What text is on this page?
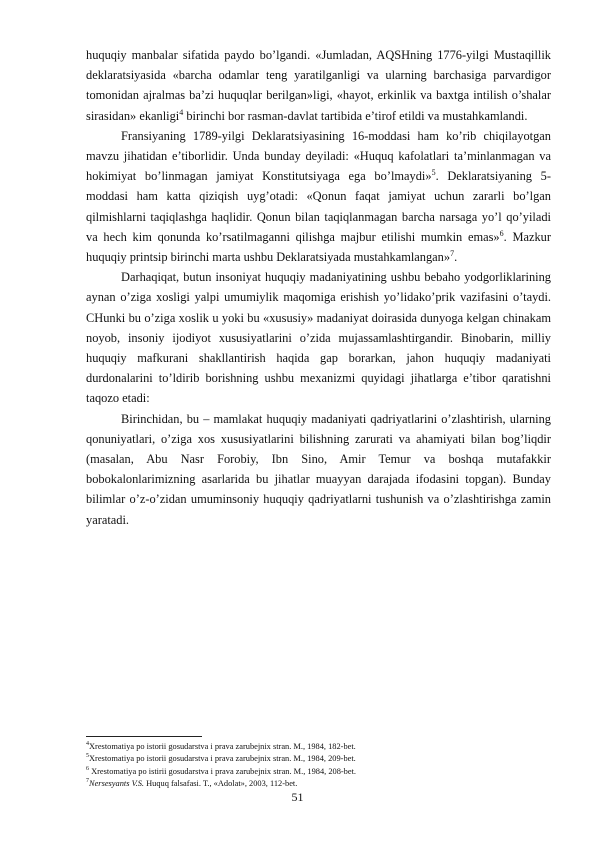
huquqiy manbalar sifatida paydo bo’lgandi. «Jumladan, AQSHning 1776-yilgi Mustaqillik deklaratsiyasida «barcha odamlar teng yaratilganligi va ularning barchasiga parvardigor tomonidan ajralmas ba’zi huquqlar berilgan»ligi, «hayot, erkinlik va baxtga intilish o’shalar sirasidan» ekanligi$^4$ birinchi bor rasman-davlat tartibida e’tirof etildi va mustahkamlandi.

Fransiyaning 1789-yilgi Deklaratsiyasining 16-moddasi ham ko’rib chiqilayotgan mavzu jihatidan e’tiborlidir. Unda bunday deyiladi: «Huquq kafolatlari ta’minlanmagan va hokimiyat bo’linmagan jamiyat Konstitutsiyaga ega bo’lmaydi»$^5$. Deklaratsiyaning 5-moddasi ham katta qiziqish uyg’otadi: «Qonun faqat jamiyat uchun zararli bo’lgan qilmishlarni taqiqlashga haqlidir. Qonun bilan taqiqlanmagan barcha narsaga yo’l qo’yiladi va hech kim qonunda ko’rsatilmaganni qilishga majbur etilishi mumkin emas»$^6$. Mazkur huquqiy printsip birinchi marta ushbu Deklaratsiyada mustahkamlangan»$^7$.

Darhaqiqat, butun insoniyat huquqiy madaniyatining ushbu bebaho yodgorliklarining aynan o’ziga xosligi yalpi umumiylik maqomiga erishish yo’lidako’prik vazifasini o’taydi. CHunki bu o’ziga xoslik u yoki bu «xususiy» madaniyat doirasida dunyoga kelgan chinakam noyob, insoniy ijodiyot xususiyatlarini o’zida mujassamlashtirgandir. Binobarin, milliy huquqiy mafkurani shakllantirish haqida gap borarkan, jahon huquqiy madaniyati durdonalarini to’ldirib borishning ushbu mexanizmi quyidagi jihatlarga e’tibor qaratishni taqozo etadi:

Birinchidan, bu – mamlakat huquqiy madaniyati qadriyatlarini o’zlashtirish, ularning qonuniyatlari, o’ziga xos xususiyatlarini bilishning zarurati va ahamiyati bilan bog’liqdir (masalan, Abu Nasr Forobiy, Ibn Sino, Amir Temur va boshqa mutafakkir bobokalonlarimizning asarlarida bu jihatlar muayyan darajada ifodasini topgan). Bunday bilimlar o’z-o’zidan umuminsoniy huquqiy qadriyatlarni tushunish va o’zlashtirishga zamin yaratadi.

$^4$Xrestomatiya po istorii gosudarstva i prava zarubejnix stran. M., 1984, 182-bet.
$^5$Xrestomatiya po istorii gosudarstva i prava zarubejnix stran. M., 1984, 209-bet.
$^6$ Xrestomatiya po istirii gosudarstva i prava zarubejnix stran. M., 1984, 208-bet.
$^7$Nersesуants V.S. Huquq falsafasi. T., «Adolat», 2003, 112-bet.
51
